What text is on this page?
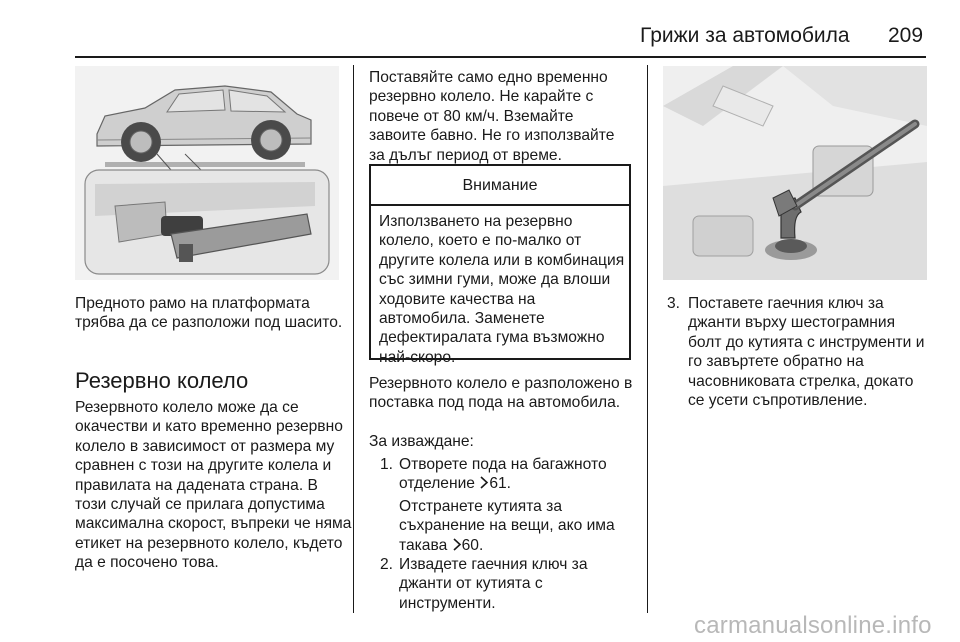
Грижи за автомобила 209
Предното рамо на платформата трябва да се разположи под шасито.
Резервно колело
Резервното колело може да се окачестви и като временно резервно колело в зависимост от размера му сравнен с този на другите колела и правилата на дадената страна. В този случай се прилага допустима максимална скорост, въпреки че няма етикет на резервното колело, където да е посочено това.
Поставяйте само едно временно резервно колело. Не карайте с повече от 80 км/ч. Вземайте завоите бавно. Не го използвайте за дълъг период от време.
Внимание
Използването на резервно колело, което е по-малко от другите колела или в комбинация със зимни гуми, може да влоши ходовите качества на автомобила. Заменете дефектиралата гума възможно най-скоро.
Резервното колело е разположено в поставка под пода на автомобила.
За изваждане:
1. Отворете пода на багажното отделение 61.
Отстранете кутията за съхранение на вещи, ако има такава 60.
2. Извадете гаечния ключ за джанти от кутията с инструменти.
3. Поставете гаечния ключ за джанти върху шестограмния болт до кутията с инструменти и го завъртете обратно на часовниковата стрелка, докато се усети съпротивление.
carmanualsonline.info
